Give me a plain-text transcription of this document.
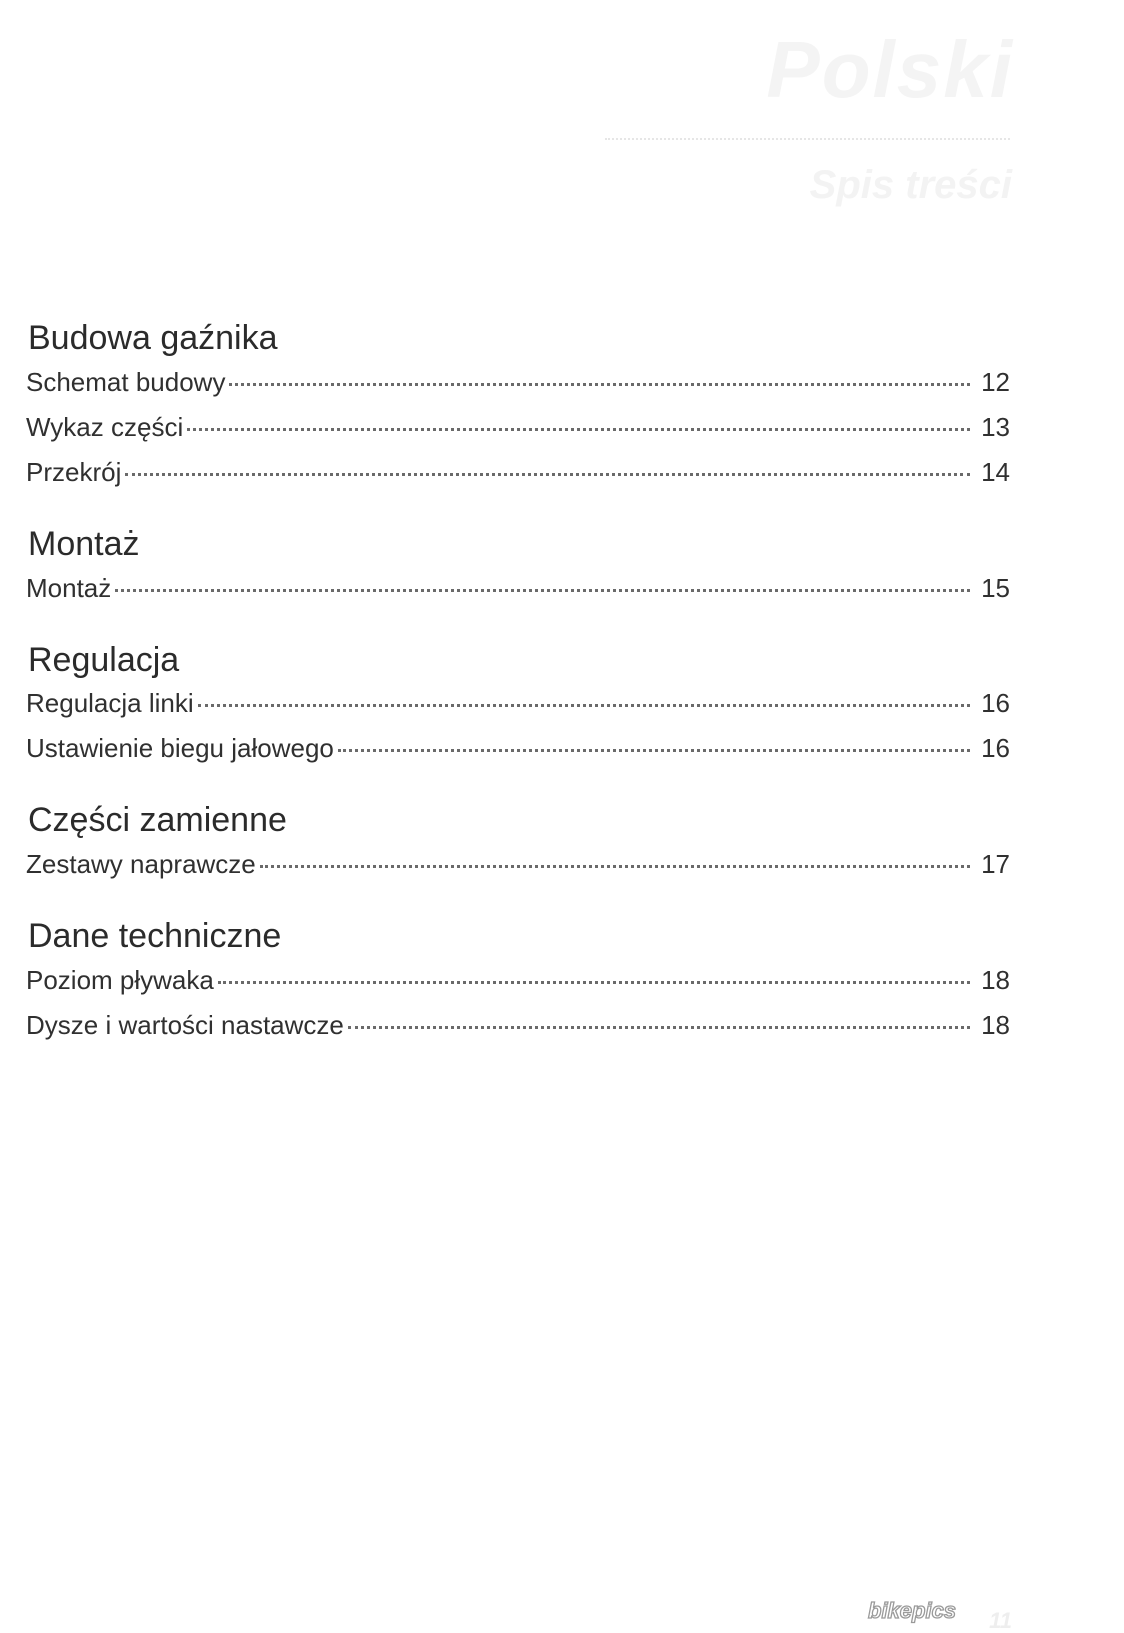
Polski
Spis treści
Budowa gaźnika
Schemat budowy	12
Wykaz części	13
Przekrój	14
Montaż
Montaż	15
Regulacja
Regulacja linki	16
Ustawienie biegu jałowego	16
Części zamienne
Zestawy naprawcze	17
Dane techniczne
Poziom pływaka	18
Dysze i wartości nastawcze	18
11
bikepics
